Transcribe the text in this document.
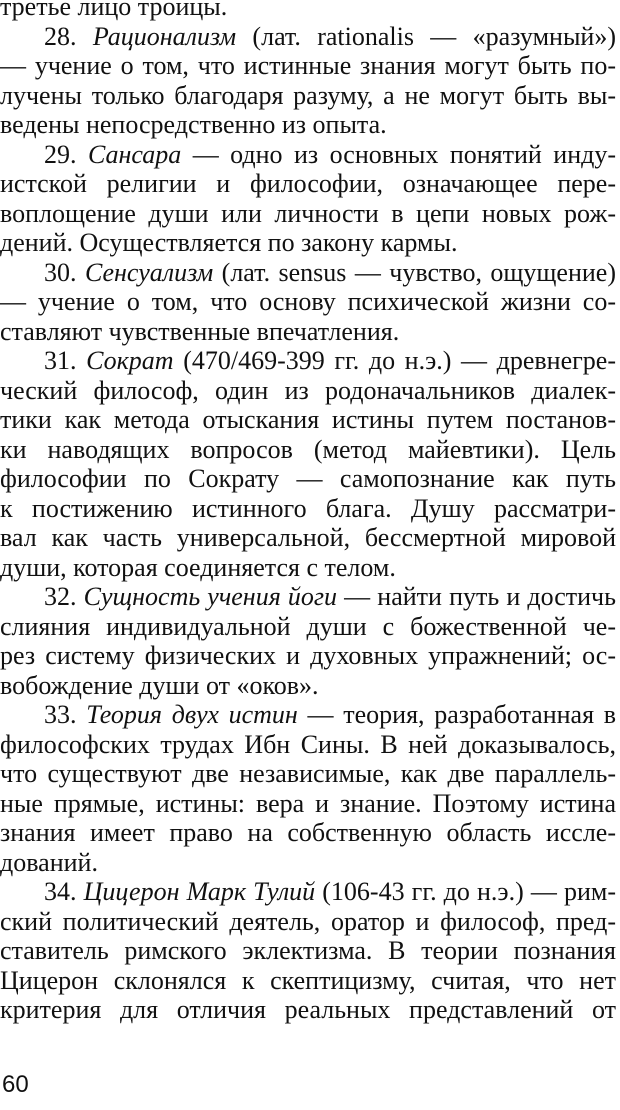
третье лицо троицы.
28. Рационализм (лат. rationalis — «разумный»)
— учение о том, что истинные знания могут быть по-
лучены только благодаря разуму, а не могут быть вы-
ведены непосредственно из опыта.
29. Сансара — одно из основных понятий инду-
истской религии и философии, означающее пере-
воплощение души или личности в цепи новых рож-
дений. Осуществляется по закону кармы.
30. Сенсуализм (лат. sensus — чувство, ощущение)
— учение о том, что основу психической жизни со-
ставляют чувственные впечатления.
31. Сократ (470/469-399 гг. до н.э.) — древнегре-
ческий философ, один из родоначальников диалек-
тики как метода отыскания истины путем постанов-
ки наводящих вопросов (метод майевтики). Цель
философии по Сократу — самопознание как путь
к постижению истинного блага. Душу рассматри-
вал как часть универсальной, бессмертной мировой
души, которая соединяется с телом.
32. Сущность учения йоги — найти путь и достичь
слияния индивидуальной души с божественной че-
рез систему физических и духовных упражнений; ос-
вобождение души от «оков».
33. Теория двух истин — теория, разработанная в
философских трудах Ибн Сины. В ней доказывалось,
что существуют две независимые, как две параллель-
ные прямые, истины: вера и знание. Поэтому истина
знания имеет право на собственную область иссле-
дований.
34. Цицерон Марк Тулий (106-43 гг. до н.э.) — рим-
ский политический деятель, оратор и философ, пред-
ставитель римского эклектизма. В теории познания
Цицерон склонялся к скептицизму, считая, что нет
критерия для отличия реальных представлений от
60
